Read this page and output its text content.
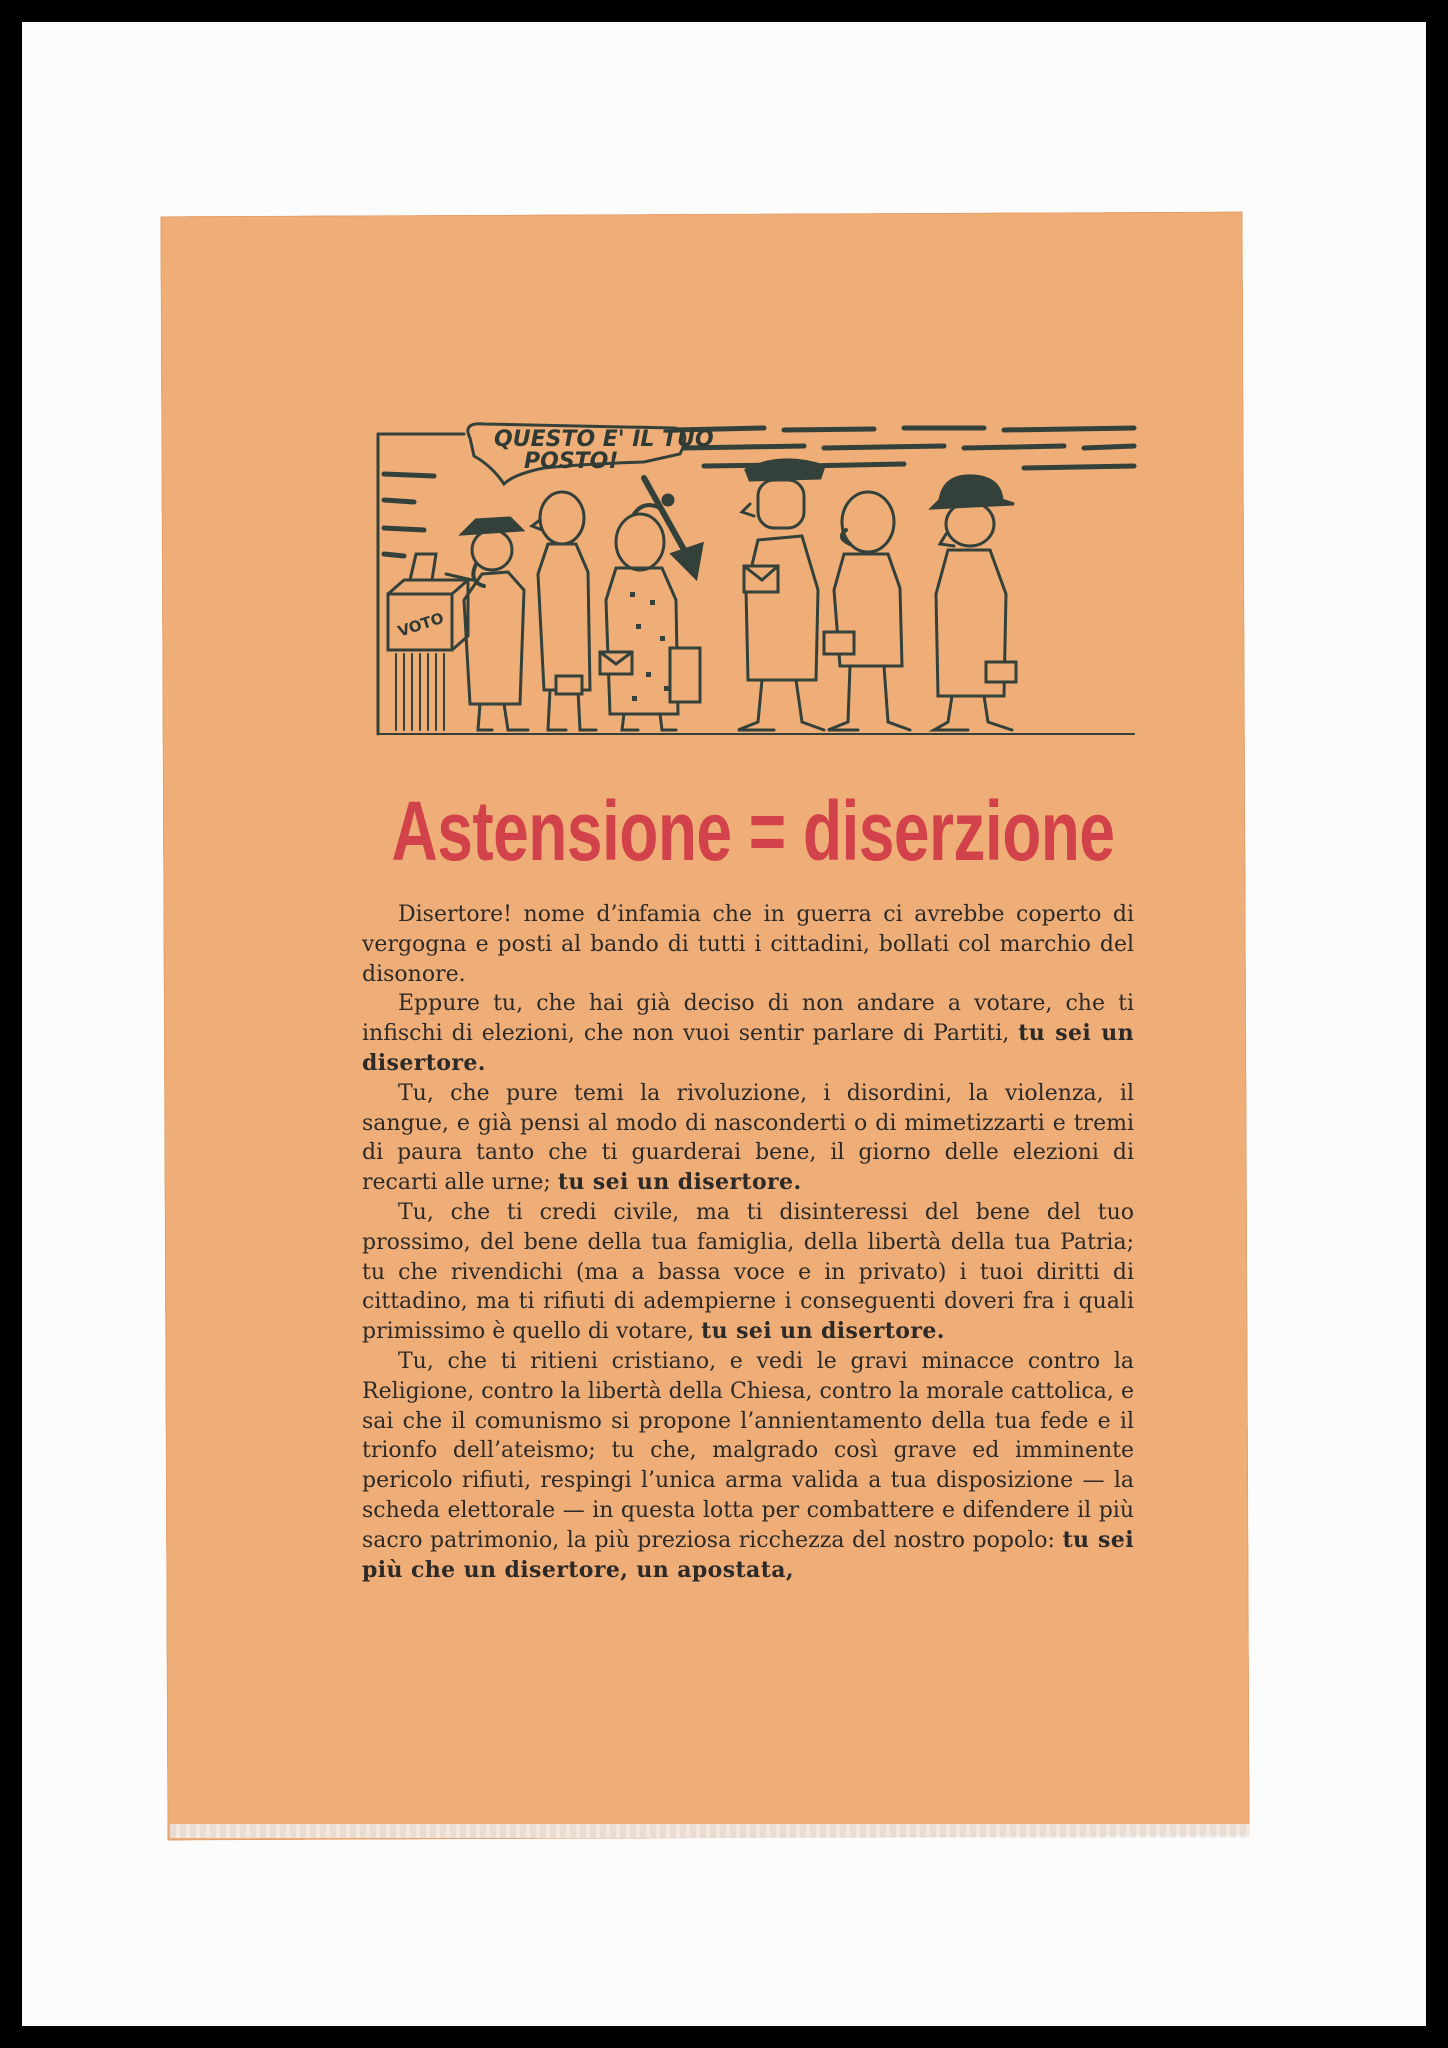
QUESTO E' IL TUO
POSTO!
VOTO
Astensione = diserzione

Disertore! nome d’infamia che in guerra ci avrebbe coperto di vergogna e posti al bando di tutti i cittadini, bollati col marchio del disonore.

Eppure tu, che hai già deciso di non andare a votare, che ti infischi di elezioni, che non vuoi sentir parlare di Partiti, tu sei un disertore.

Tu, che pure temi la rivoluzione, i disordini, la violenza, il sangue, e già pensi al modo di nasconderti o di mimetizzarti e tremi di paura tanto che ti guarderai bene, il giorno delle elezioni di recarti alle urne; tu sei un disertore.

Tu, che ti credi civile, ma ti disinteressi del bene del tuo prossimo, del bene della tua famiglia, della libertà della tua Patria; tu che rivendichi (ma a bassa voce e in privato) i tuoi diritti di cittadino, ma ti rifiuti di adempierne i conseguenti doveri fra i quali primissimo è quello di votare, tu sei un disertore.

Tu, che ti ritieni cristiano, e vedi le gravi minacce contro la Religione, contro la libertà della Chiesa, contro la morale cattolica, e sai che il comunismo si propone l’annientamento della tua fede e il trionfo dell’ateismo; tu che, malgrado così grave ed imminente pericolo rifiuti, respingi l’unica arma valida a tua disposizione — la scheda elettorale — in questa lotta per combattere e difendere il più sacro patrimonio, la più preziosa ricchezza del nostro popolo: tu sei più che un disertore, un apostata,
